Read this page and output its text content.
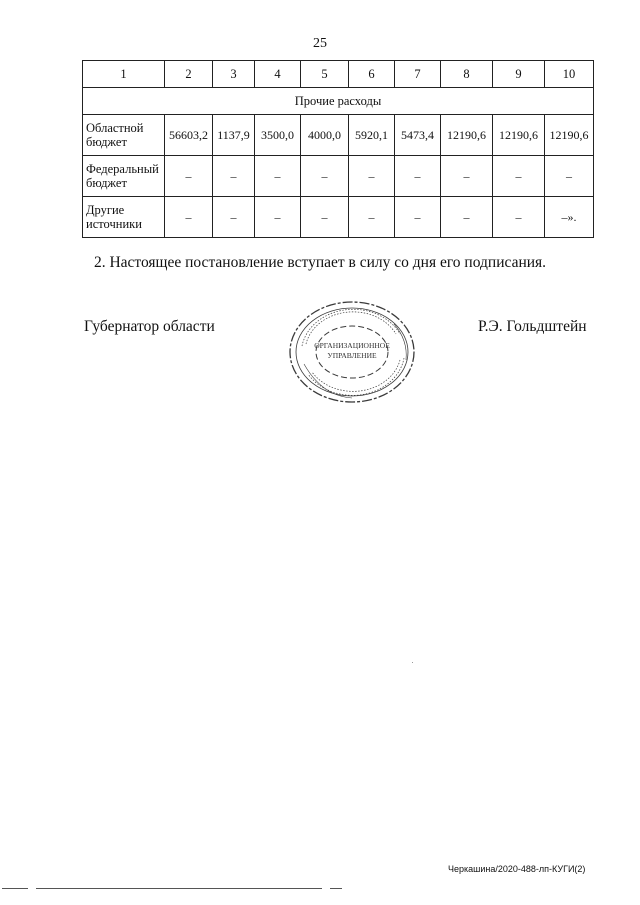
25
1	2	3	4	5	6	7	8	9	10
Прочие расходы									
Областной
бюджет	56603,2	1137,9	3500,0	4000,0	5920,1	5473,4	12190,6	12190,6	12190,6
Федеральный
бюджет	–	–	–	–	–	–	–	–	–
Другие
источники	–	–	–	–	–	–	–	–	–».
2. Настоящее постановление вступает в силу со дня его подписания.
Губернатор области	Р.Э. Гольдштейн
ОРГАНИЗАЦИОННОЕ
УПРАВЛЕНИЕ
Черкашина/2020-488-лп-КУГИ(2)
